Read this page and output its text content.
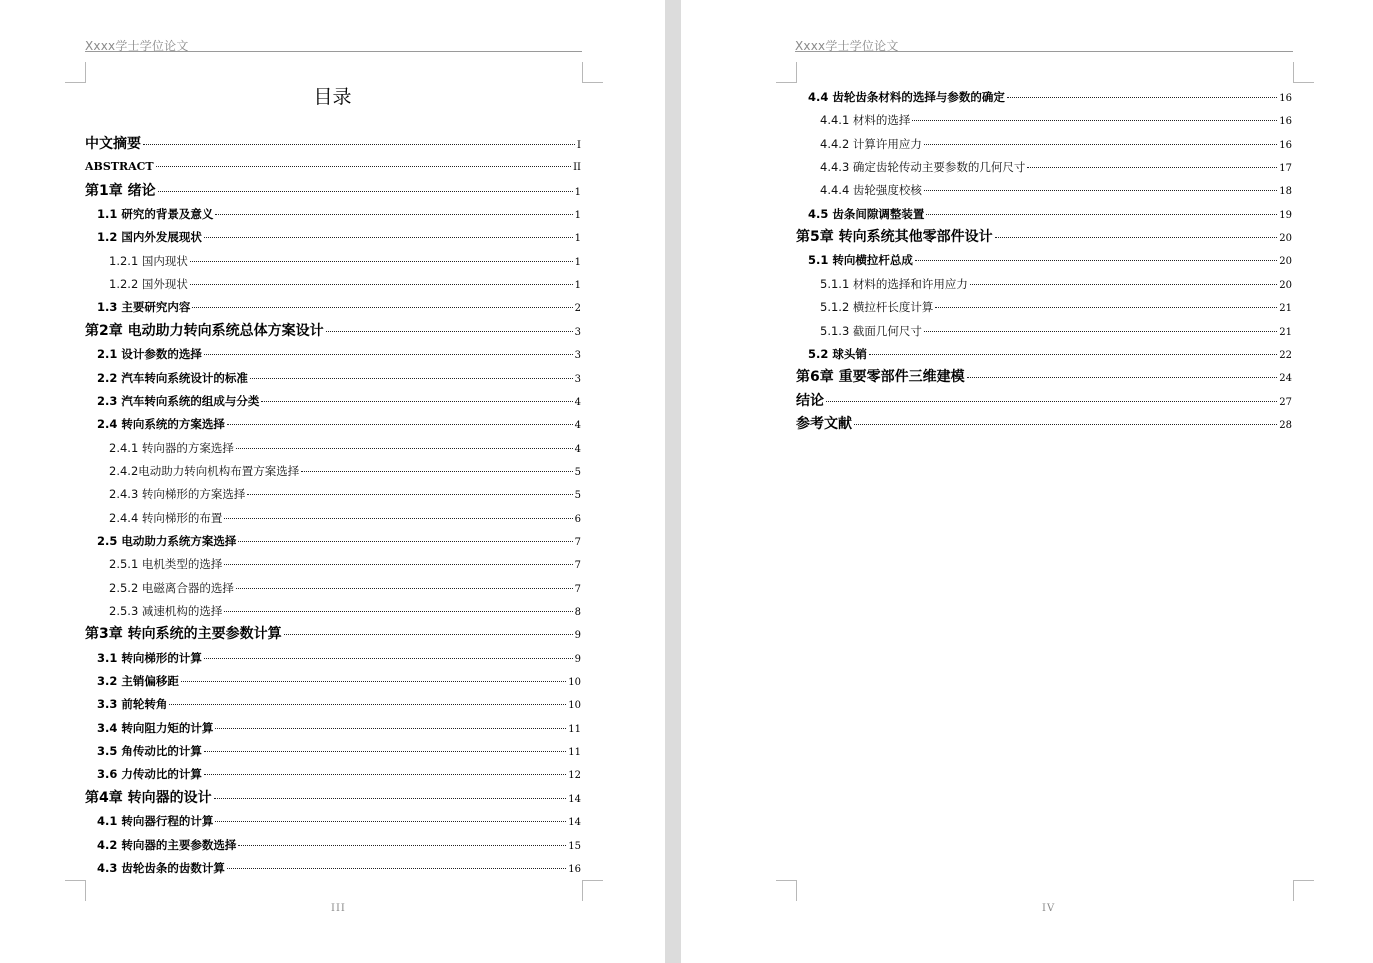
Xxxx学士学位论文
目录
中文摘要	I
ABSTRACT	II
第1章 绪论	1
1.1 研究的背景及意义	1
1.2 国内外发展现状	1
1.2.1 国内现状	1
1.2.2 国外现状	1
1.3 主要研究内容	2
第2章 电动助力转向系统总体方案设计	3
2.1 设计参数的选择	3
2.2 汽车转向系统设计的标准	3
2.3 汽车转向系统的组成与分类	4
2.4 转向系统的方案选择	4
2.4.1 转向器的方案选择	4
2.4.2电动助力转向机构布置方案选择	5
2.4.3 转向梯形的方案选择	5
2.4.4 转向梯形的布置	6
2.5 电动助力系统方案选择	7
2.5.1 电机类型的选择	7
2.5.2 电磁离合器的选择	7
2.5.3 减速机构的选择	8
第3章 转向系统的主要参数计算	9
3.1 转向梯形的计算	9
3.2 主销偏移距	10
3.3 前轮转角	10
3.4 转向阻力矩的计算	11
3.5 角传动比的计算	11
3.6 力传动比的计算	12
第4章 转向器的设计	14
4.1 转向器行程的计算	14
4.2 转向器的主要参数选择	15
4.3 齿轮齿条的齿数计算	16
III
Xxxx学士学位论文
4.4 齿轮齿条材料的选择与参数的确定	16
4.4.1 材料的选择	16
4.4.2 计算许用应力	16
4.4.3 确定齿轮传动主要参数的几何尺寸	17
4.4.4 齿轮强度校核	18
4.5 齿条间隙调整装置	19
第5章 转向系统其他零部件设计	20
5.1 转向横拉杆总成	20
5.1.1 材料的选择和许用应力	20
5.1.2 横拉杆长度计算	21
5.1.3 截面几何尺寸	21
5.2 球头销	22
第6章 重要零部件三维建模	24
结论	27
参考文献	28
IV
